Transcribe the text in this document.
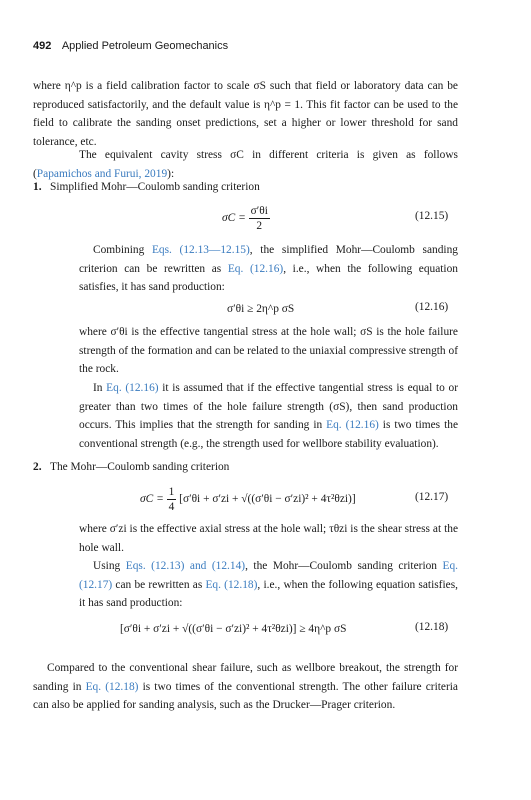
492 Applied Petroleum Geomechanics
where η^p is a field calibration factor to scale σS such that field or laboratory data can be reproduced satisfactorily, and the default value is η^p = 1. This fit factor can be used to the field to calibrate the sanding onset predictions, set a higher or lower threshold for sand tolerance, etc.
The equivalent cavity stress σC in different criteria is given as follows (Papamichos and Furui, 2019):
1. Simplified Mohr—Coulomb sanding criterion
$\sigma C = \frac{\sigma'\theta i}{2}$	(12.15)
Combining Eqs. (12.13—12.15), the simplified Mohr—Coulomb sanding criterion can be rewritten as Eq. (12.16), i.e., when the following equation satisfies, it has sand production:
σ′θi ≥ 2η^p σS	(12.16)
where σ′θi is the effective tangential stress at the hole wall; σS is the hole failure strength of the formation and can be related to the uniaxial compressive strength of the rock.
In Eq. (12.16) it is assumed that if the effective tangential stress is equal to or greater than two times of the hole failure strength (σS), then sand production occurs. This implies that the strength for sanding in Eq. (12.16) is two times the conventional strength (e.g., the strength used for wellbore stability evaluation).
2. The Mohr—Coulomb sanding criterion
$\sigma C = \frac{1}{4} [\sigma'\theta i + \sigma'zi + √((\sigma'\theta i - \sigma'zi)^2 + 4\tau^2\theta zi)]$	(12.17)
where σ′zi is the effective axial stress at the hole wall; τθzi is the shear stress at the hole wall.
Using Eqs. (12.13) and (12.14), the Mohr—Coulomb sanding criterion Eq. (12.17) can be rewritten as Eq. (12.18), i.e., when the following equation satisfies, it has sand production:
[σ′θi + σ′zi + √((σ′θi − σ′zi)² + 4τ²θzi)] ≥ 4η^p σS	(12.18)
Compared to the conventional shear failure, such as wellbore breakout, the strength for sanding in Eq. (12.18) is two times of the conventional strength. The other failure criteria can also be applied for sanding analysis, such as the Drucker—Prager criterion.
